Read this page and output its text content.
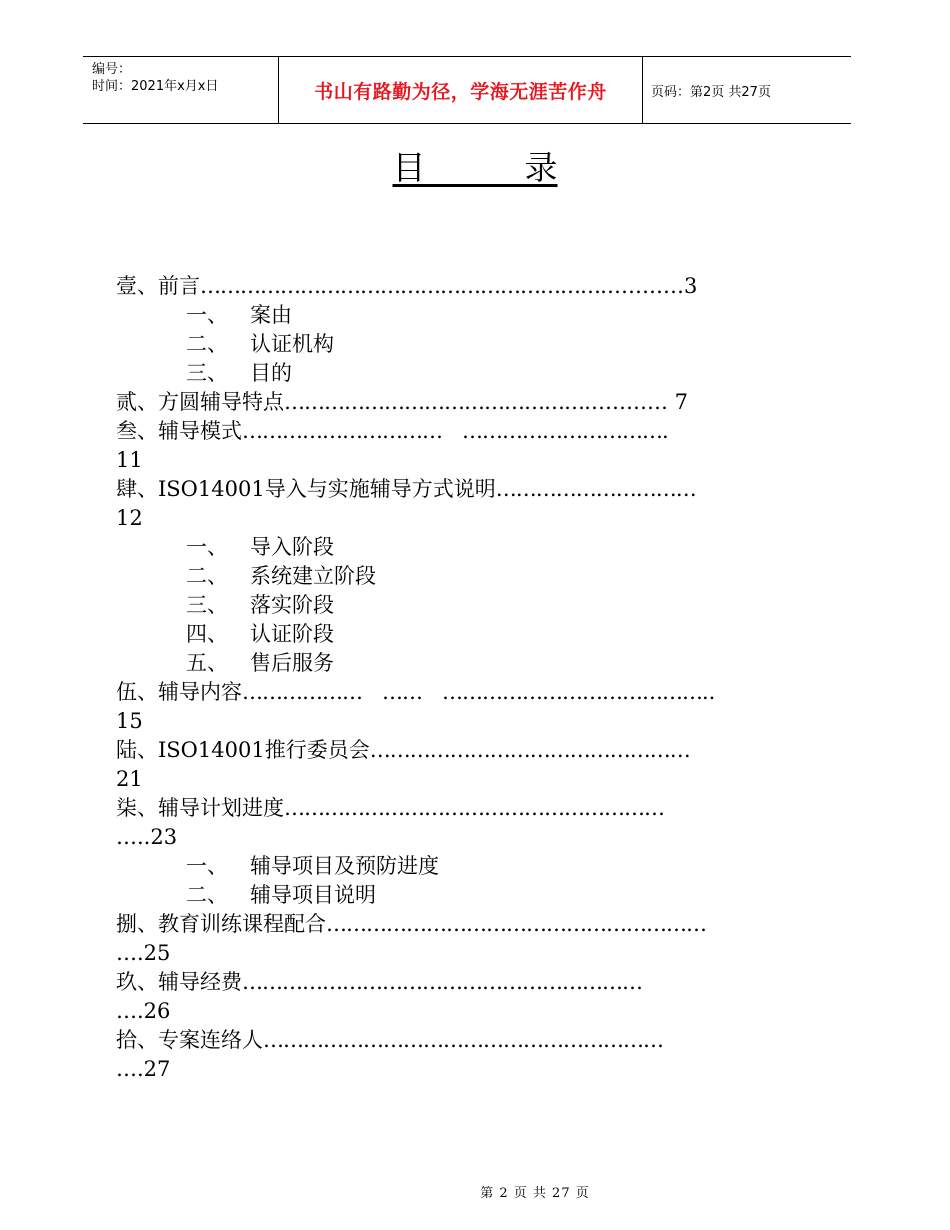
编号：
时间：2021年x月x日	书山有路勤为径，学海无涯苦作舟	页码：第2页 共27页
目　　　录
壹、前言………………………………………………………………3
一、 案由
二、 认证机构
三、 目的
贰、方圆辅导特点………………………………………………… 7
叁、辅导模式…………………………　………………………….
11
肆、ISO14001导入与实施辅导方式说明…………………………
12
一、 导入阶段
二、 系统建立阶段
三、 落实阶段
四、 认证阶段
五、 售后服务
伍、辅导内容………………　……　…………………………………..
15
陆、ISO14001推行委员会…………………………………………
21
柒、辅导计划进度…………………………………………………
…..23
一、 辅导项目及预防进度
二、 辅导项目说明
捌、教育训练课程配合…………………………………………………
….25
玖、辅导经费……………………………………………………
….26
拾、专案连络人……………………………………………………
….27
第 2 页 共 27 页
